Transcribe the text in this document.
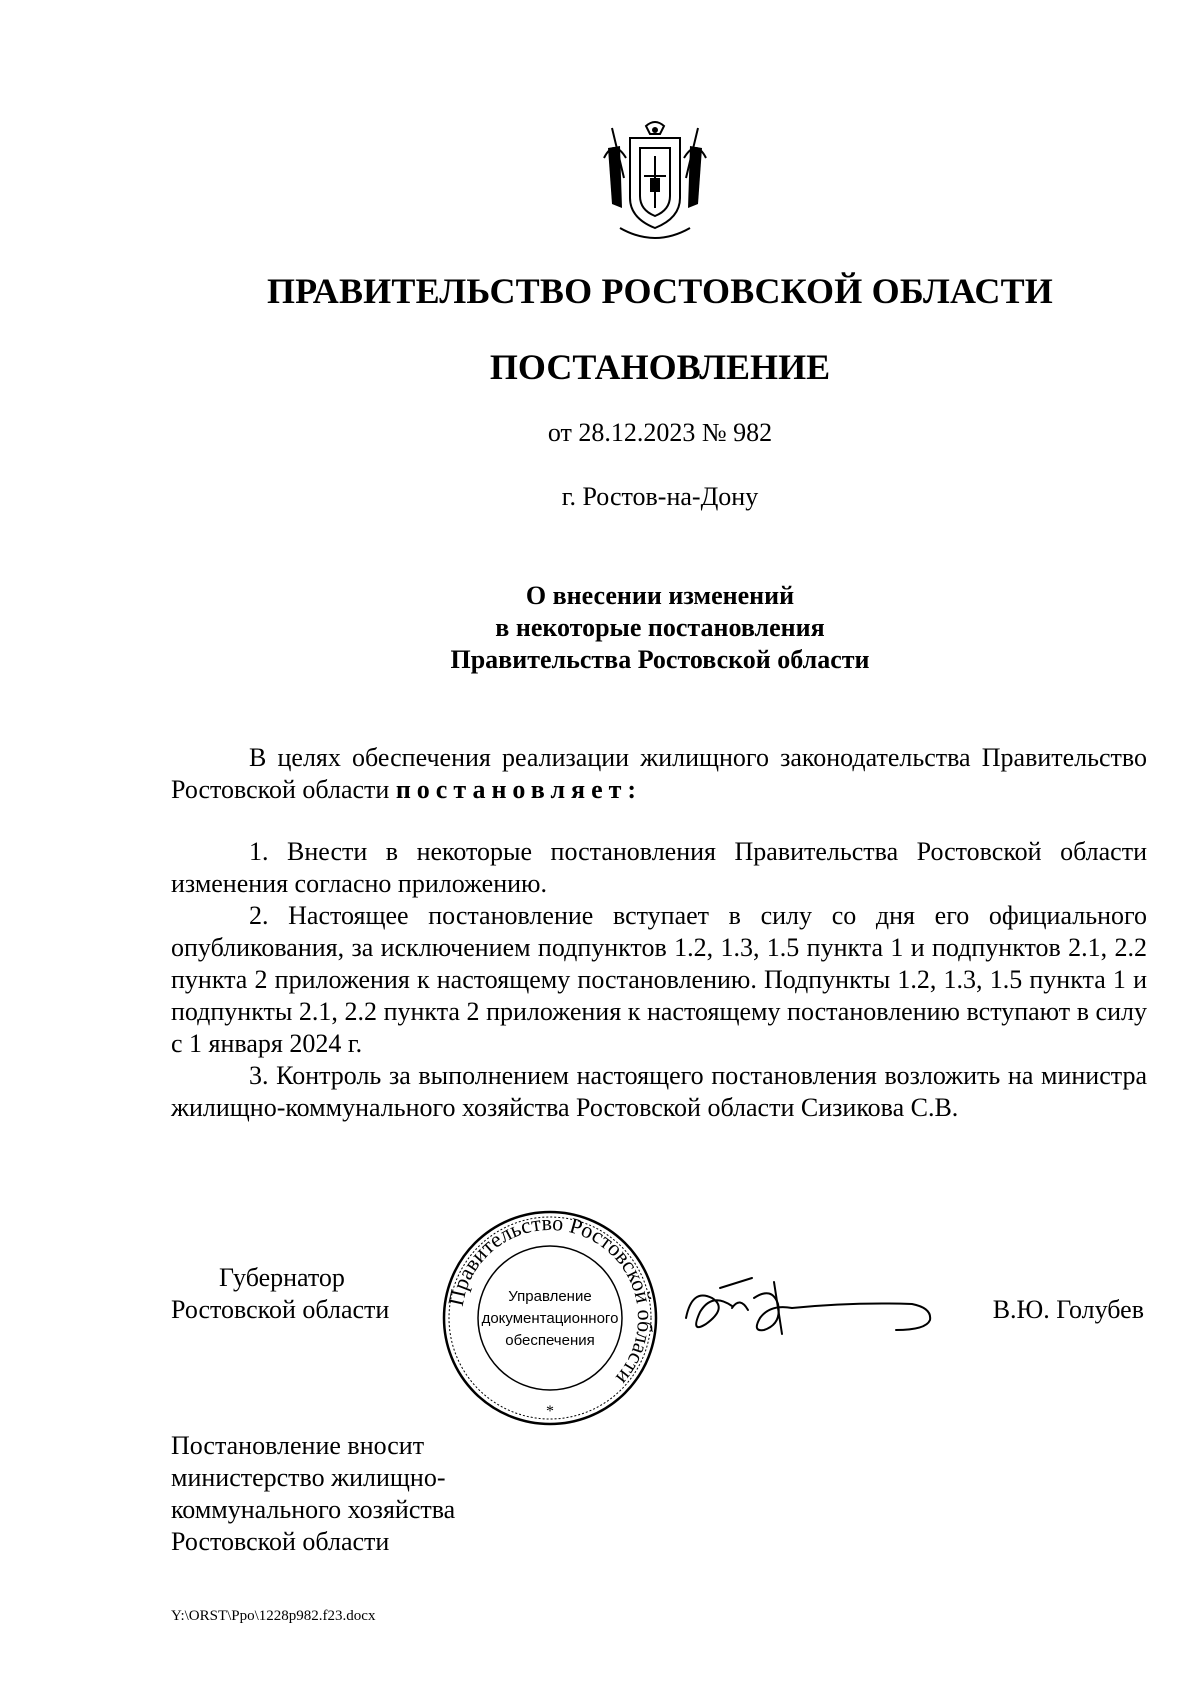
ПРАВИТЕЛЬСТВО РОСТОВСКОЙ ОБЛАСТИ
ПОСТАНОВЛЕНИЕ
от 28.12.2023 № 982
г. Ростов-на-Дону
О внесении изменений
в некоторые постановления
Правительства Ростовской области
В целях обеспечения реализации жилищного законодательства Правительство Ростовской области постановляет:

1. Внести в некоторые постановления Правительства Ростовской области изменения согласно приложению.

2. Настоящее постановление вступает в силу со дня его официального опубликования, за исключением подпунктов 1.2, 1.3, 1.5 пункта 1 и подпунктов 2.1, 2.2 пункта 2 приложения к настоящему постановлению. Подпункты 1.2, 1.3, 1.5 пункта 1 и подпункты 2.1, 2.2 пункта 2 приложения к настоящему постановлению вступают в силу с 1 января 2024 г.

3. Контроль за выполнением настоящего постановления возложить на министра жилищно-коммунального хозяйства Ростовской области Сизикова С.В.

Губернатор
Ростовской области Правительство Ростовской области
*
Управление
документационного
обеспечения
В.Ю. Голубев
Постановление вносит
министерство жилищно-
коммунального хозяйства
Ростовской области
Y:\ORST\Ppo\1228p982.f23.docx
